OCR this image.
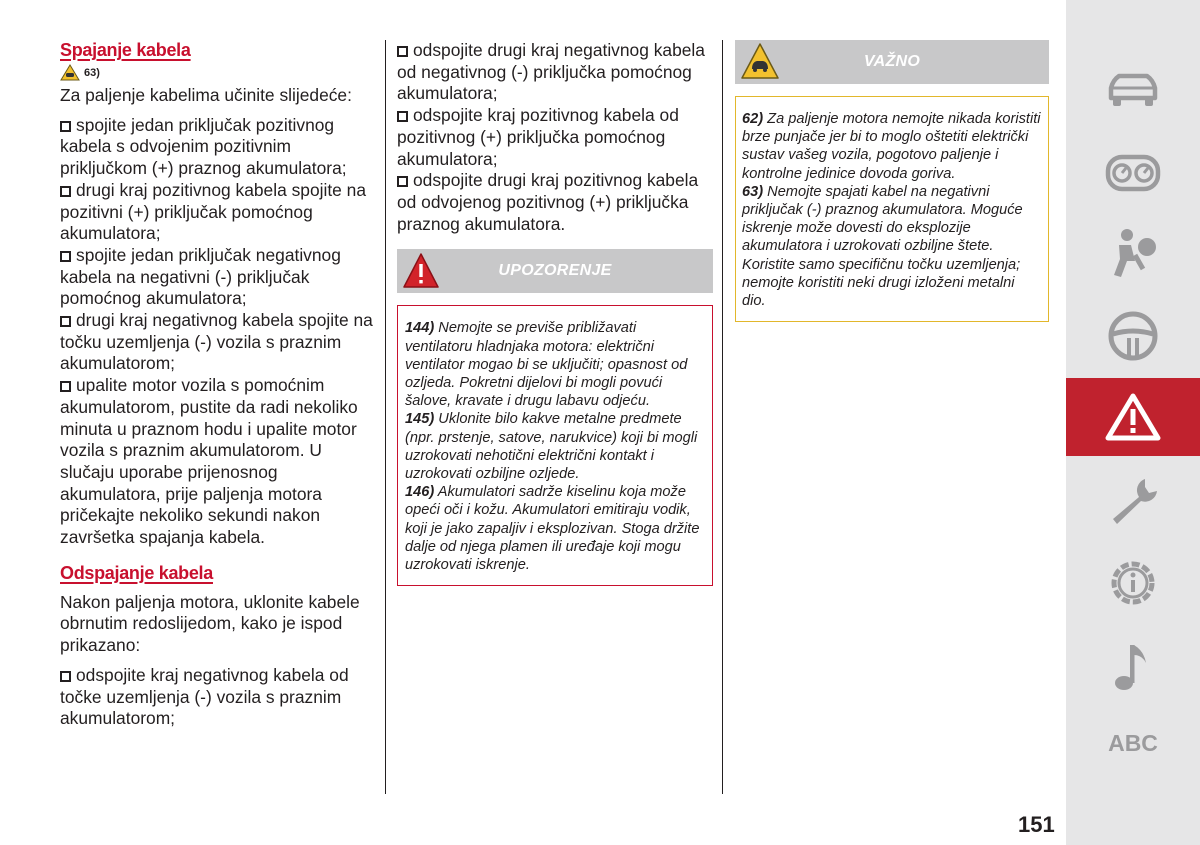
Spajanje kabela
63)

Za paljenje kabelima učinite slijedeće:

spojite jedan priključak pozitivnog kabela s odvojenim pozitivnim priključkom (+) praznog akumulatora;

drugi kraj pozitivnog kabela spojite na pozitivni (+) priključak pomoćnog akumulatora;

spojite jedan priključak negativnog kabela na negativni (-) priključak pomoćnog akumulatora;

drugi kraj negativnog kabela spojite na točku uzemljenja (-) vozila s praznim akumulatorom;

upalite motor vozila s pomoćnim akumulatorom, pustite da radi nekoliko minuta u praznom hodu i upalite motor vozila s praznim akumulatorom. U slučaju uporabe prijenosnog akumulatora, prije paljenja motora pričekajte nekoliko sekundi nakon završetka spajanja kabela.

Odspajanje kabela

Nakon paljenja motora, uklonite kabele obrnutim redoslijedom, kako je ispod prikazano:

odspojite kraj negativnog kabela od točke uzemljenja (-) vozila s praznim akumulatorom;

odspojite drugi kraj negativnog kabela od negativnog (-) priključka pomoćnog akumulatora;

odspojite kraj pozitivnog kabela od pozitivnog (+) priključka pomoćnog akumulatora;

odspojite drugi kraj pozitivnog kabela od odvojenog pozitivnog (+) priključka praznog akumulatora.

UPOZORENJE

144) Nemojte se previše približavati ventilatoru hladnjaka motora: električni ventilator mogao bi se uključiti; opasnost od ozljeda. Pokretni dijelovi bi mogli povući šalove, kravate i drugu labavu odjeću.

145) Uklonite bilo kakve metalne predmete (npr. prstenje, satove, narukvice) koji bi mogli uzrokovati nehotični električni kontakt i uzrokovati ozbiljne ozljede.

146) Akumulatori sadrže kiselinu koja može opeći oči i kožu. Akumulatori emitiraju vodik, koji je jako zapaljiv i eksplozivan. Stoga držite dalje od njega plamen ili uređaje koji mogu uzrokovati iskrenje.

VAŽNO

62) Za paljenje motora nemojte nikada koristiti brze punjače jer bi to moglo oštetiti električki sustav vašeg vozila, pogotovo paljenje i kontrolne jedinice dovoda goriva.

63) Nemojte spajati kabel na negativni priključak (-) praznog akumulatora. Moguće iskrenje može dovesti do eksplozije akumulatora i uzrokovati ozbiljne štete. Koristite samo specifičnu točku uzemljenja; nemojte koristiti neki drugi izloženi metalni dio.

151
ABC
